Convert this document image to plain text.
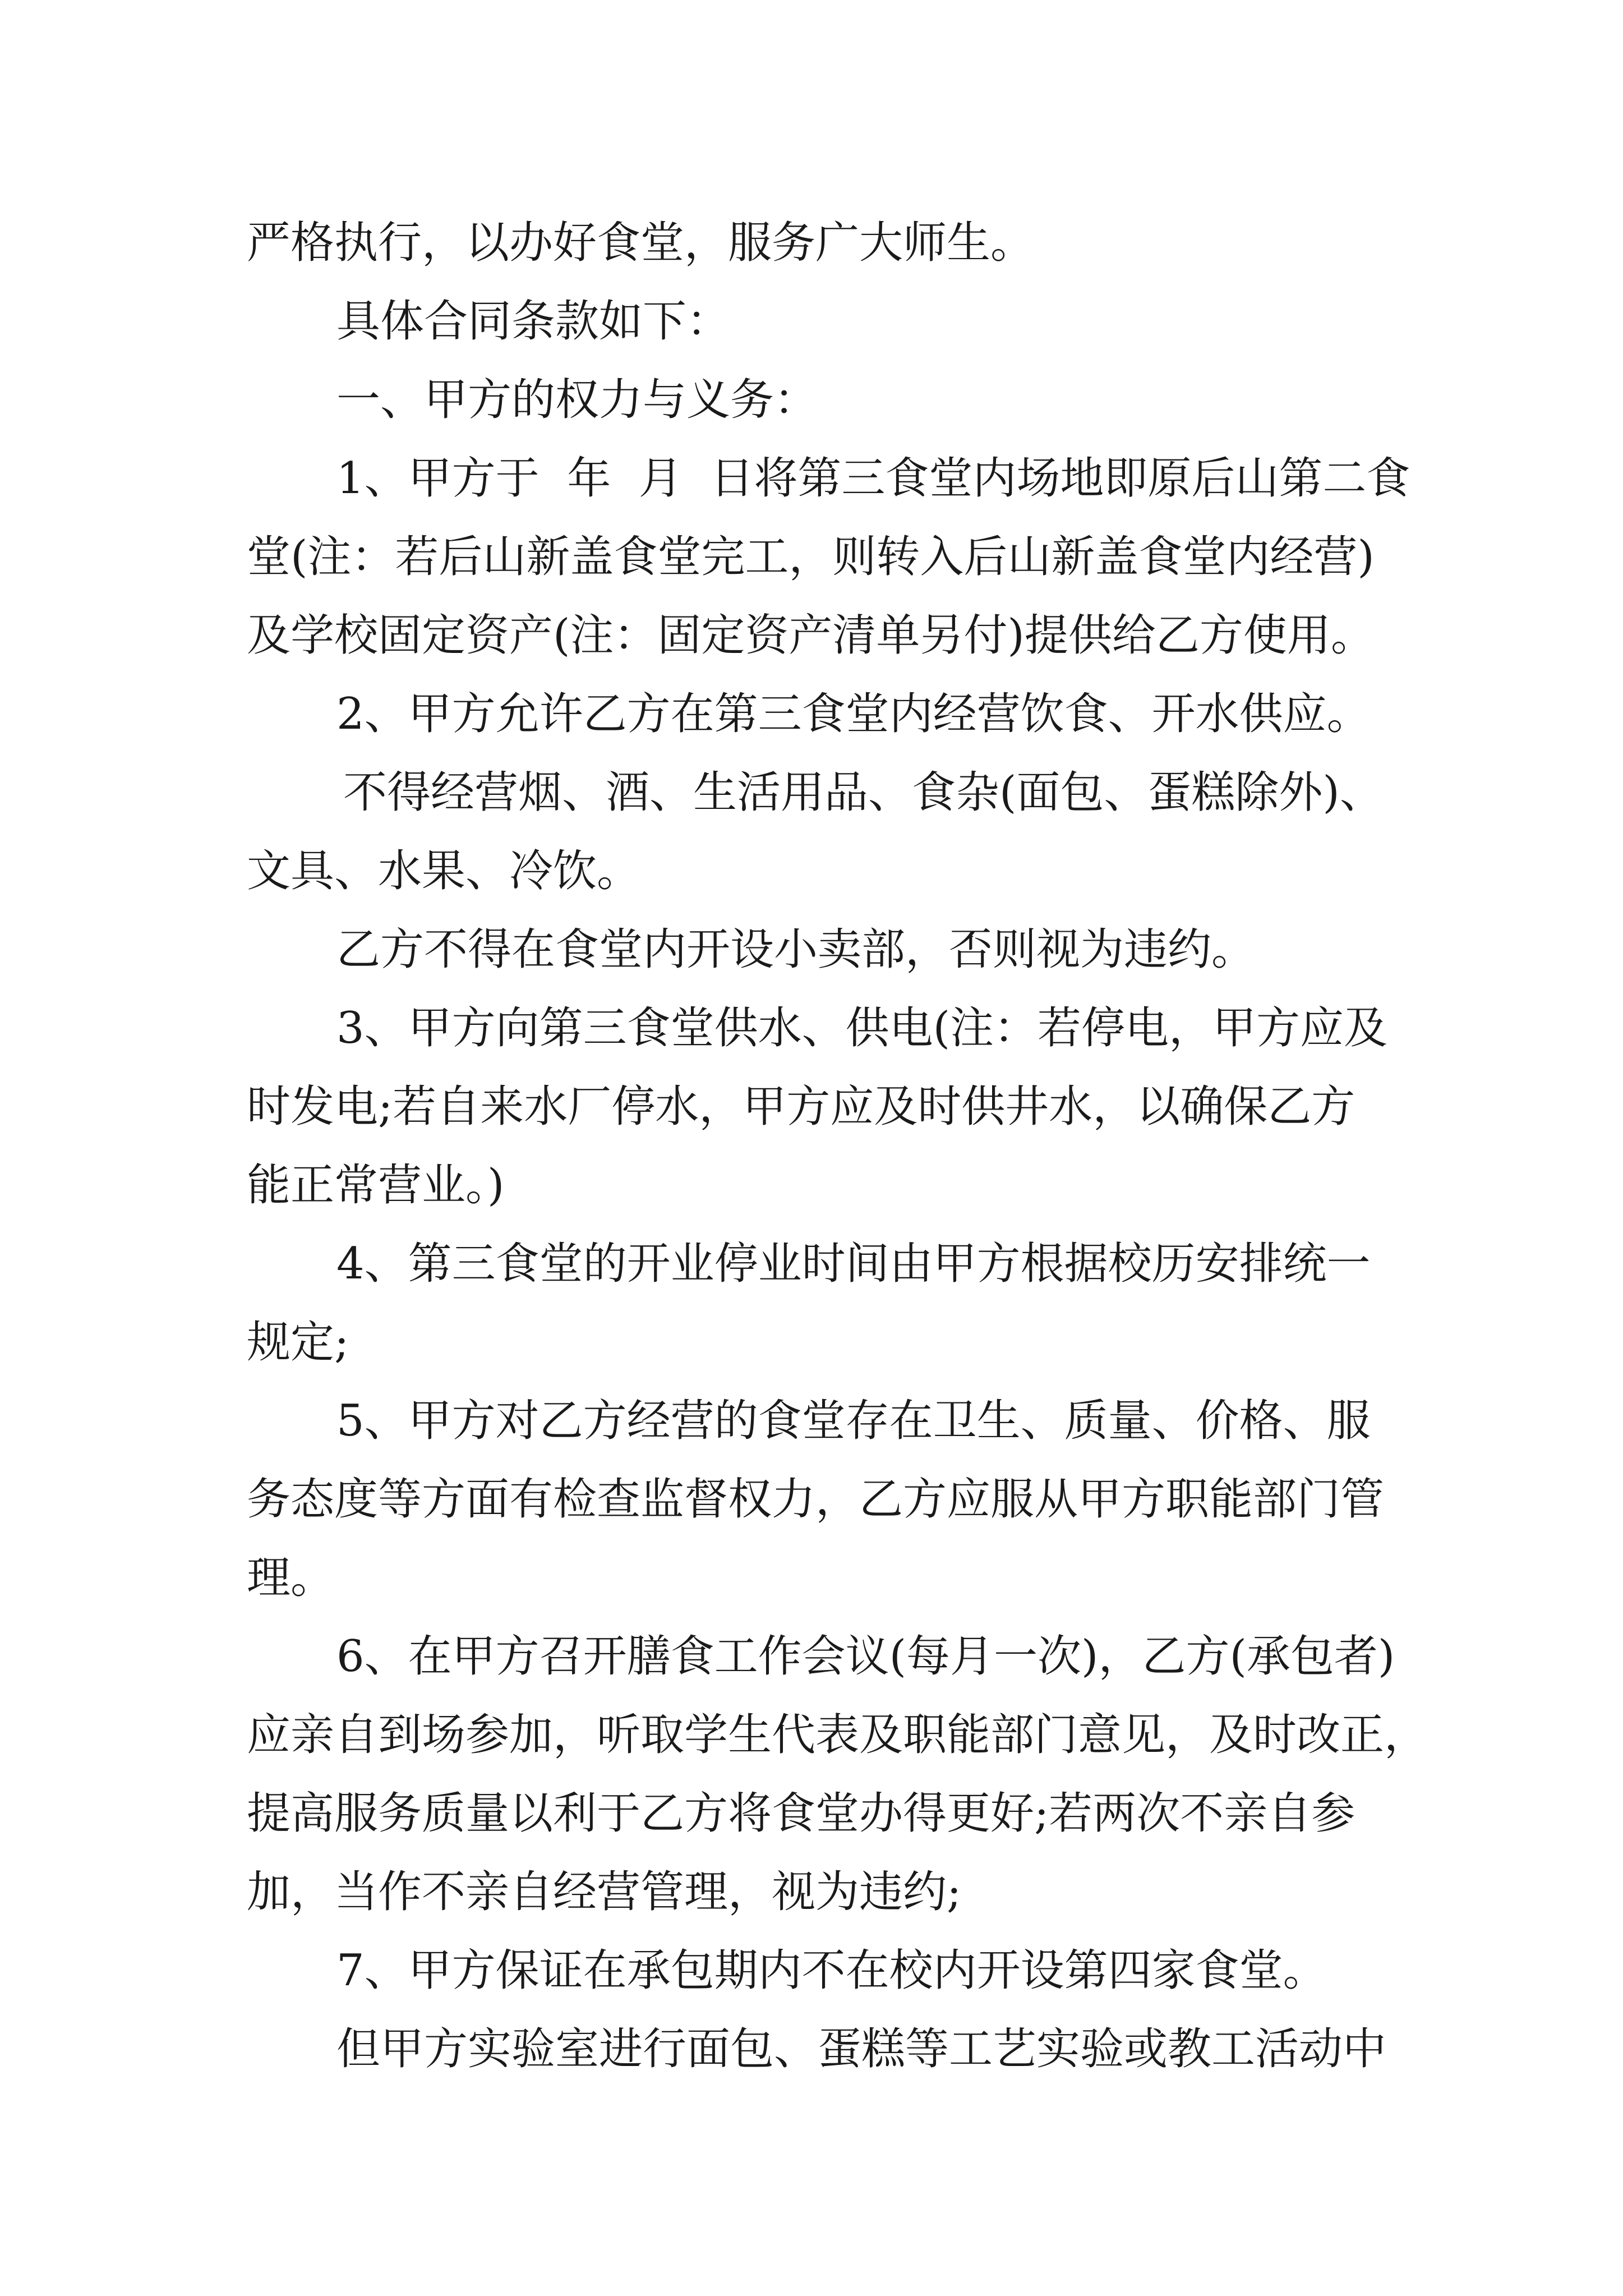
严格执行，以办好食堂，服务广大师生。
具体合同条款如下：
一、甲方的权力与义务：
1、甲方于  年  月  日将第三食堂内场地即原后山第二食
堂(注：若后山新盖食堂完工，则转入后山新盖食堂内经营)
及学校固定资产(注：固定资产清单另付)提供给乙方使用。
2、甲方允许乙方在第三食堂内经营饮食、开水供应。
不得经营烟、酒、生活用品、食杂(面包、蛋糕除外)、
文具、水果、冷饮。
乙方不得在食堂内开设小卖部，否则视为违约。
3、甲方向第三食堂供水、供电(注：若停电，甲方应及
时发电;若自来水厂停水，甲方应及时供井水，以确保乙方
能正常营业。)
4、第三食堂的开业停业时间由甲方根据校历安排统一
规定;
5、甲方对乙方经营的食堂存在卫生、质量、价格、服
务态度等方面有检查监督权力，乙方应服从甲方职能部门管
理。
6、在甲方召开膳食工作会议(每月一次)，乙方(承包者)
应亲自到场参加，听取学生代表及职能部门意见，及时改正，
提高服务质量以利于乙方将食堂办得更好;若两次不亲自参
加，当作不亲自经营管理，视为违约;
7、甲方保证在承包期内不在校内开设第四家食堂。
但甲方实验室进行面包、蛋糕等工艺实验或教工活动中
